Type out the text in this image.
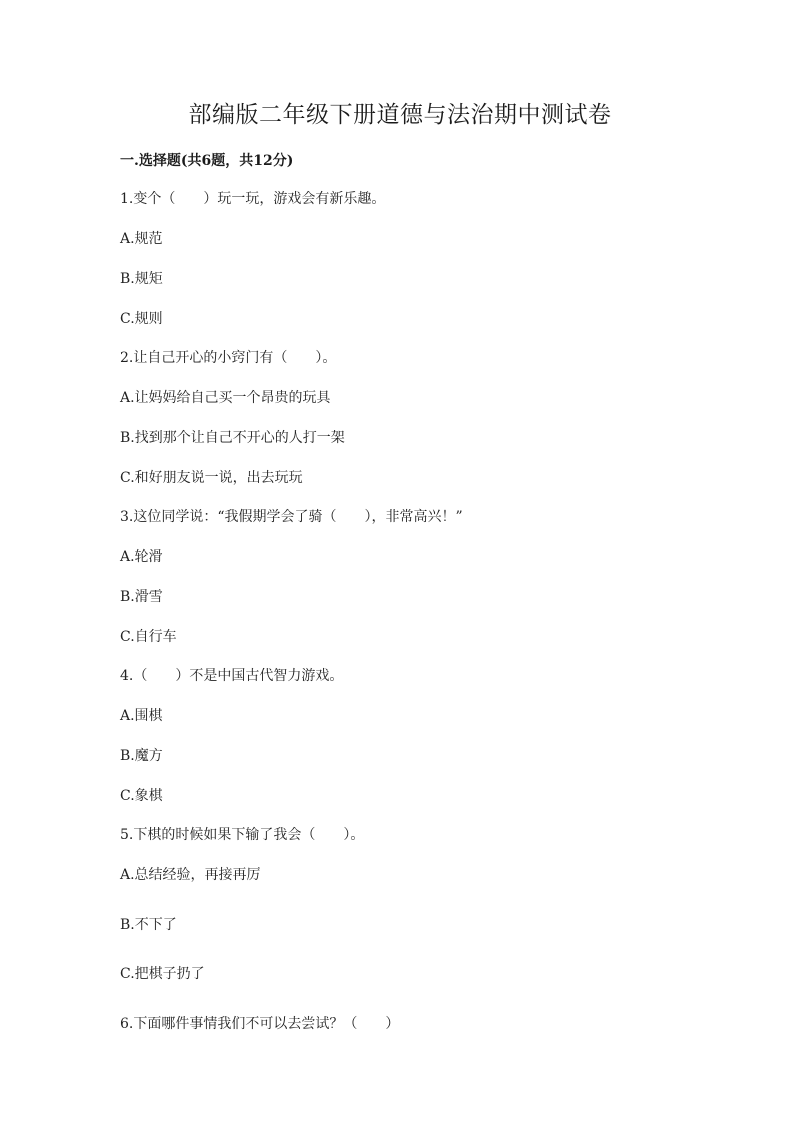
部编版二年级下册道德与法治期中测试卷
一.选择题(共6题，共12分)
1.变个（　　）玩一玩，游戏会有新乐趣。
A.规范
B.规矩
C.规则
2.让自己开心的小窍门有（　　）。
A.让妈妈给自己买一个昂贵的玩具
B.找到那个让自己不开心的人打一架
C.和好朋友说一说，出去玩玩
3.这位同学说：“我假期学会了骑（　　），非常高兴！”
A.轮滑
B.滑雪
C.自行车
4.（　　）不是中国古代智力游戏。
A.围棋
B.魔方
C.象棋
5.下棋的时候如果下输了我会（　　）。
A.总结经验，再接再厉
B.不下了
C.把棋子扔了
6.下面哪件事情我们不可以去尝试？（　　）
